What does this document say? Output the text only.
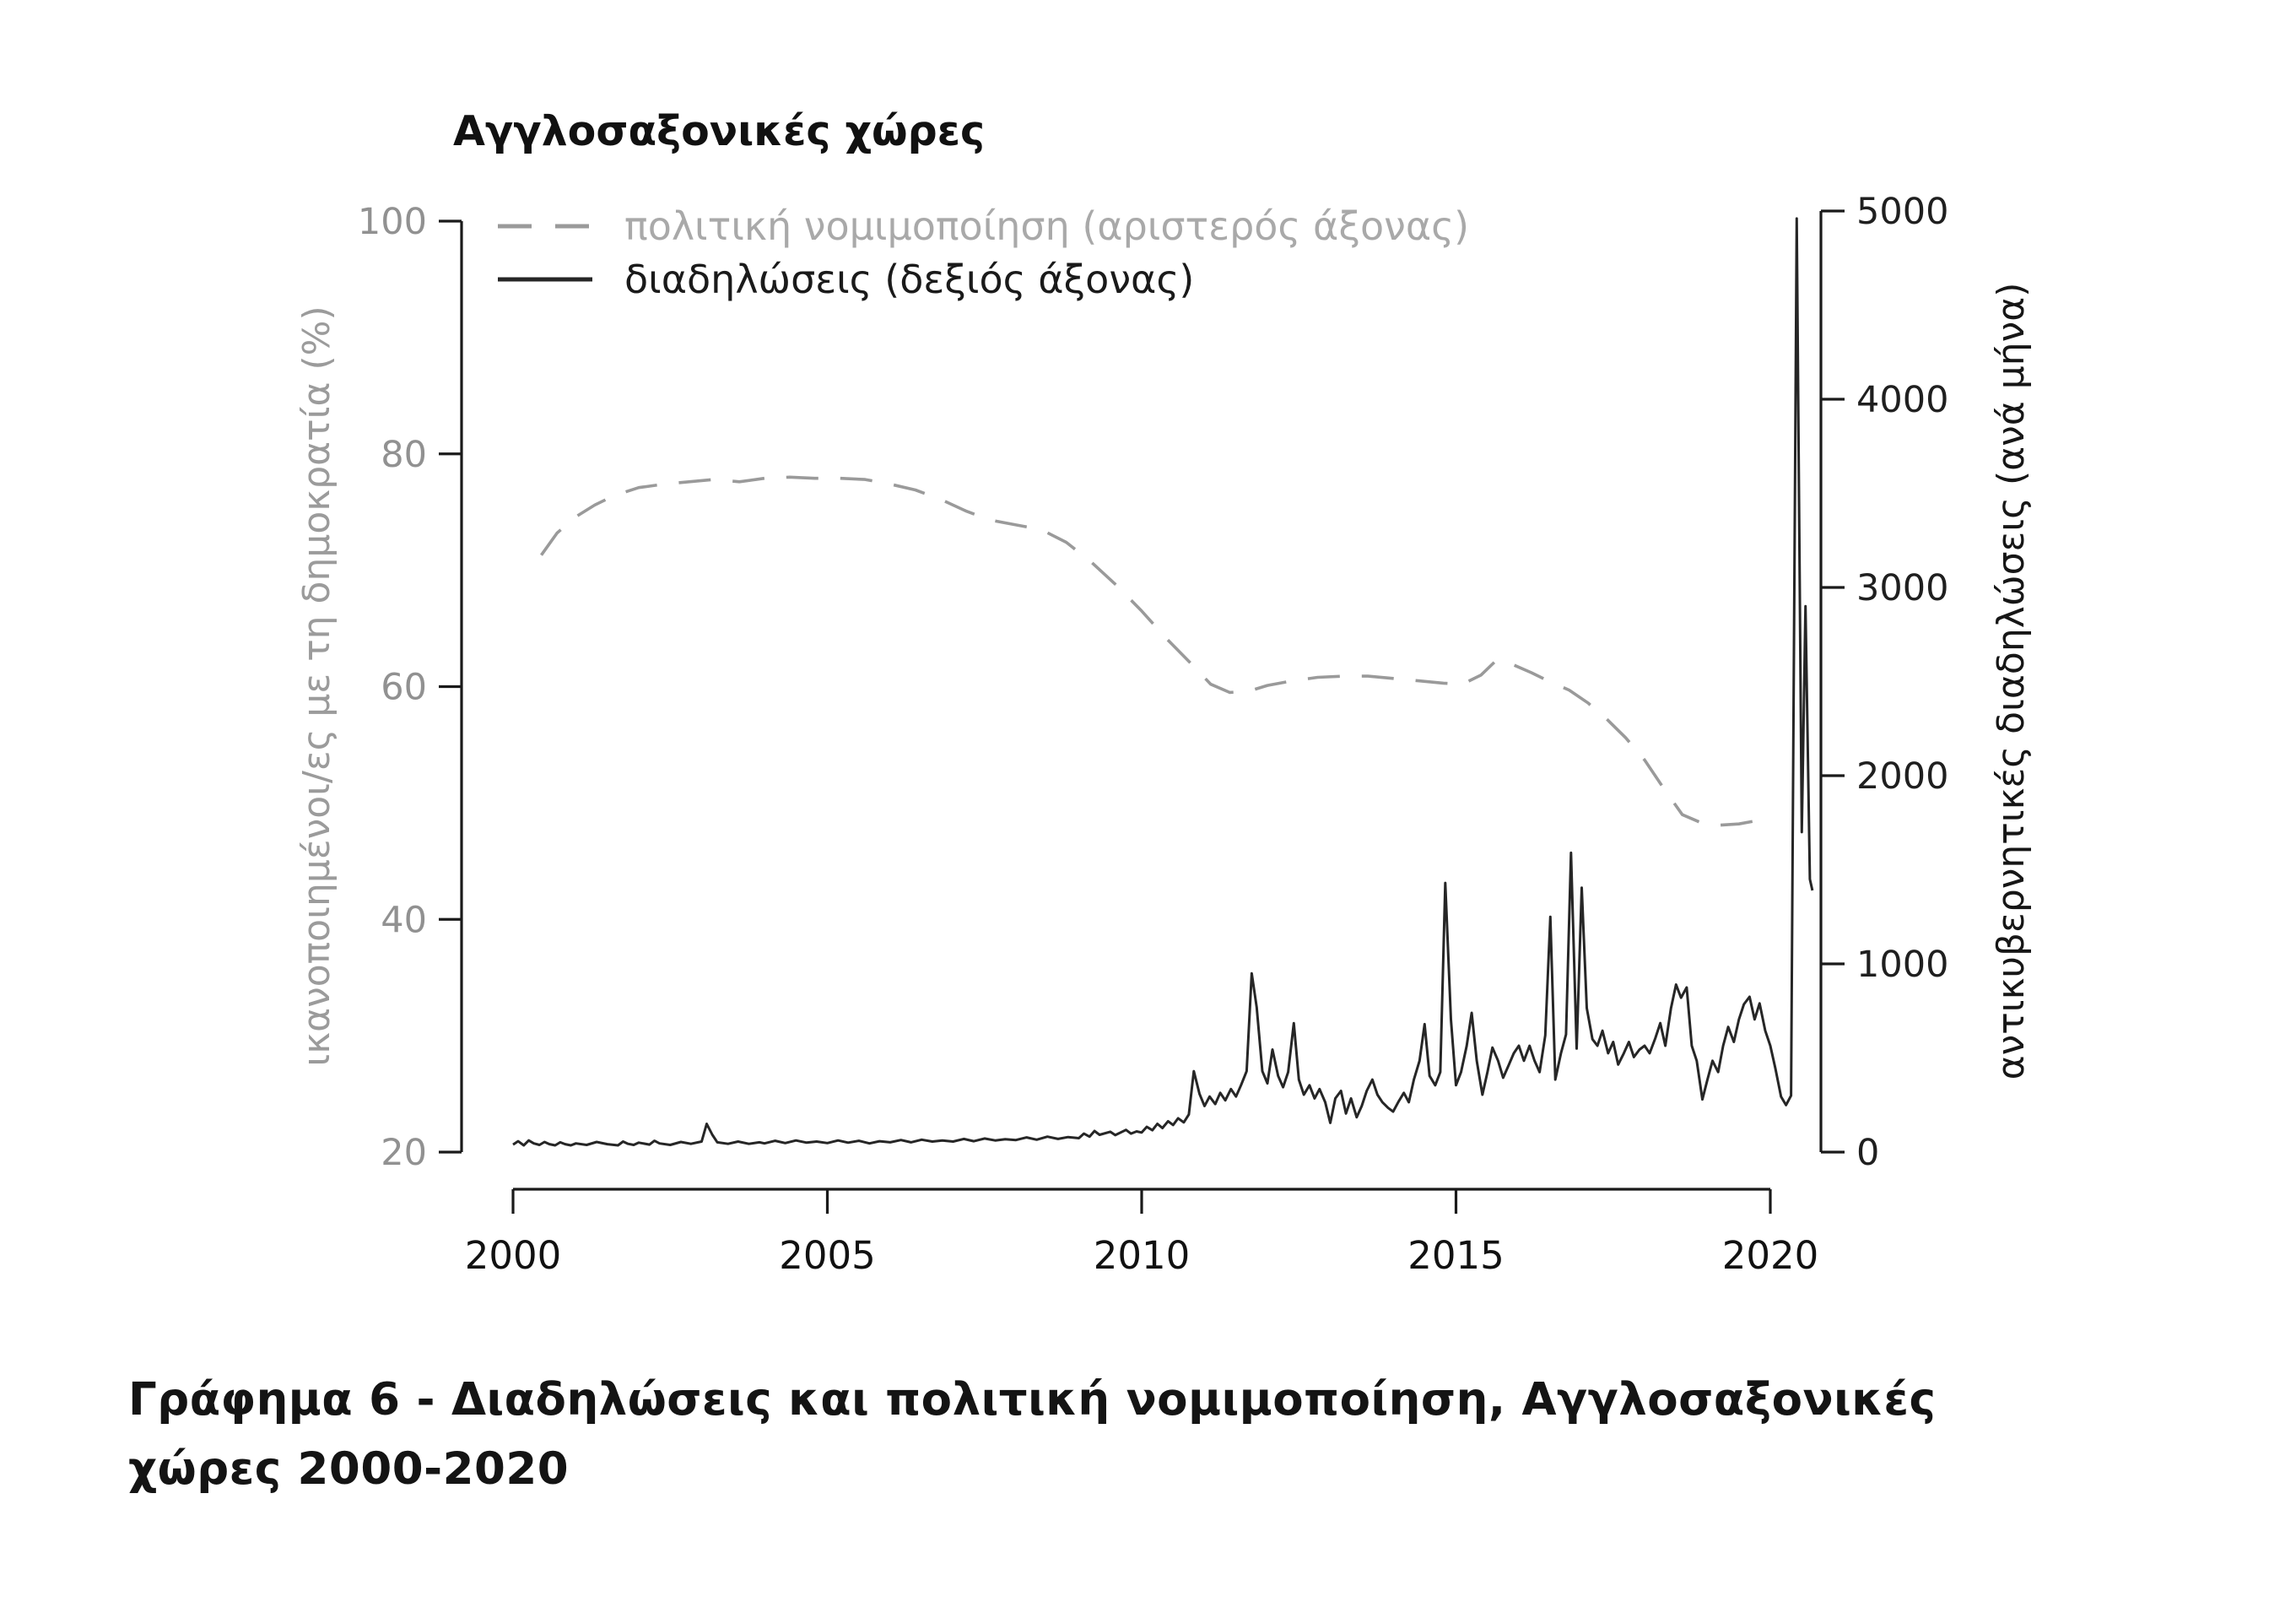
Αγγλοσαξονικές χώρες
πολιτική νομιμοποίηση (αριστερός άξονας)
διαδηλώσεις (δεξιός άξονας)
20
40
60
80
100
0
1000
2000
3000
4000
5000
2000	2005	2010	2015	2020
ικανοποιημένοι/ες με τη δημοκρατία (%)	αντικυβερνητικές διαδηλώσεις (ανά μήνα)
Γράφημα 6 - Διαδηλώσεις και πολιτική νομιμοποίηση, Αγγλοσαξονικές
χώρες 2000-2020
